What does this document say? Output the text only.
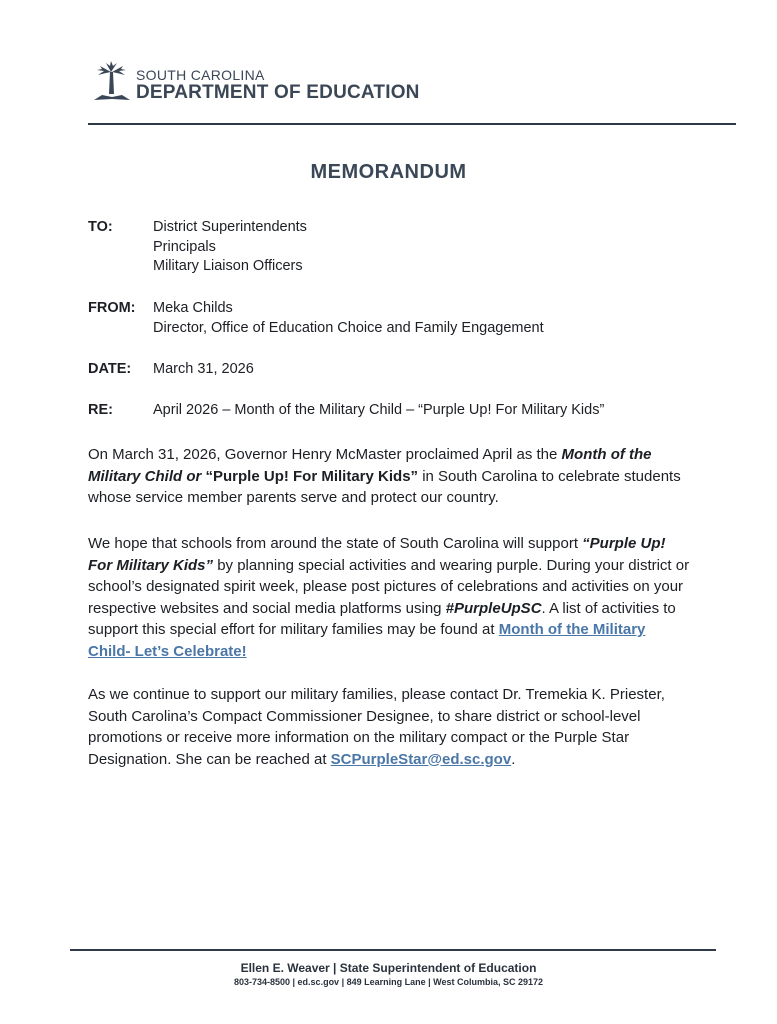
SOUTH CAROLINA
DEPARTMENT OF EDUCATION
MEMORANDUM
TO:	District Superintendents
Principals
Military Liaison Officers
FROM: Meka Childs
Director, Office of Education Choice and Family Engagement
DATE: March 31, 2026
RE:	April 2026 – Month of the Military Child – “Purple Up! For Military Kids”
On March 31, 2026, Governor Henry McMaster proclaimed April as the Month of the
Military Child or “Purple Up! For Military Kids” in South Carolina to celebrate students
whose service member parents serve and protect our country.
We hope that schools from around the state of South Carolina will support “Purple Up!
For Military Kids” by planning special activities and wearing purple. During your district or
school’s designated spirit week, please post pictures of celebrations and activities on your
respective websites and social media platforms using #PurpleUpSC. A list of activities to
support this special effort for military families may be found at Month of the Military
Child- Let’s Celebrate!
As we continue to support our military families, please contact Dr. Tremekia K. Priester,
South Carolina’s Compact Commissioner Designee, to share district or school-level
promotions or receive more information on the military compact or the Purple Star
Designation. She can be reached at SCPurpleStar@ed.sc.gov.
Ellen E. Weaver | State Superintendent of Education
803-734-8500 | ed.sc.gov | 849 Learning Lane | West Columbia, SC 29172
